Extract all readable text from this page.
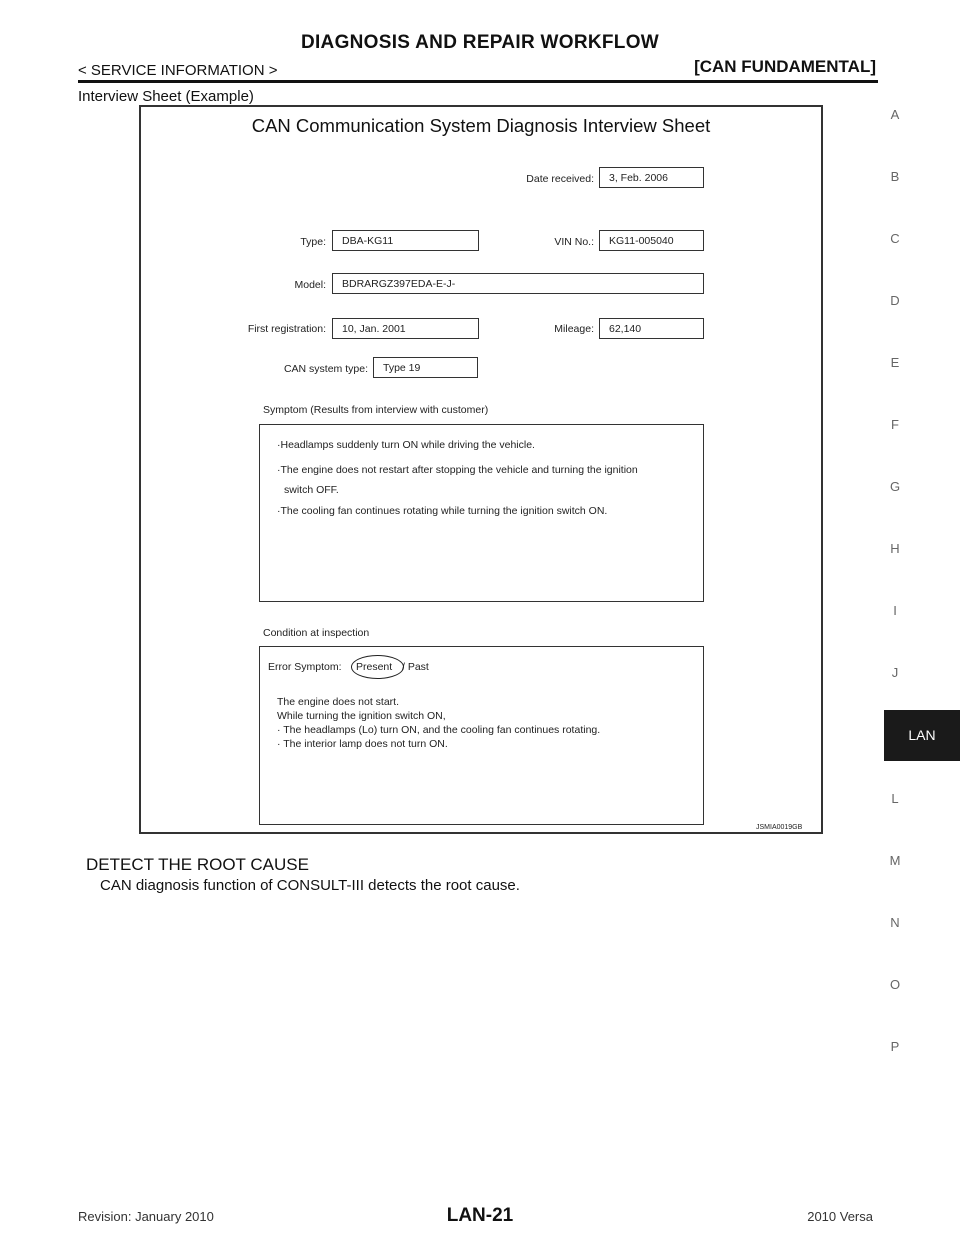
DIAGNOSIS AND REPAIR WORKFLOW
< SERVICE INFORMATION >	[CAN FUNDAMENTAL]
Interview Sheet (Example)
CAN Communication System Diagnosis Interview Sheet
Date received:	3, Feb. 2006
Type:	DBA-KG11	VIN No.:	KG11-005040
Model:	BDRARGZ397EDA-E-J-
First registration:	10, Jan. 2001	Mileage:	62,140
CAN system type:	Type 19
Symptom (Results from interview with customer)
·Headlamps suddenly turn ON while driving the vehicle.
·The engine does not restart after stopping the vehicle and turning the ignition
switch OFF.
·The cooling fan continues rotating while turning the ignition switch ON.
Condition at inspection
Error Symptom: Present / Past
The engine does not start.
While turning the ignition switch ON,
· The headlamps (Lo) turn ON, and the cooling fan continues rotating.
· The interior lamp does not turn ON.
JSMIA0019GB
DETECT THE ROOT CAUSE
CAN diagnosis function of CONSULT-III detects the root cause.
A
B
C
D
E
F
G
H
I
J
LAN
L
M
N
O
P
Revision: January 2010	LAN-21	2010 Versa
